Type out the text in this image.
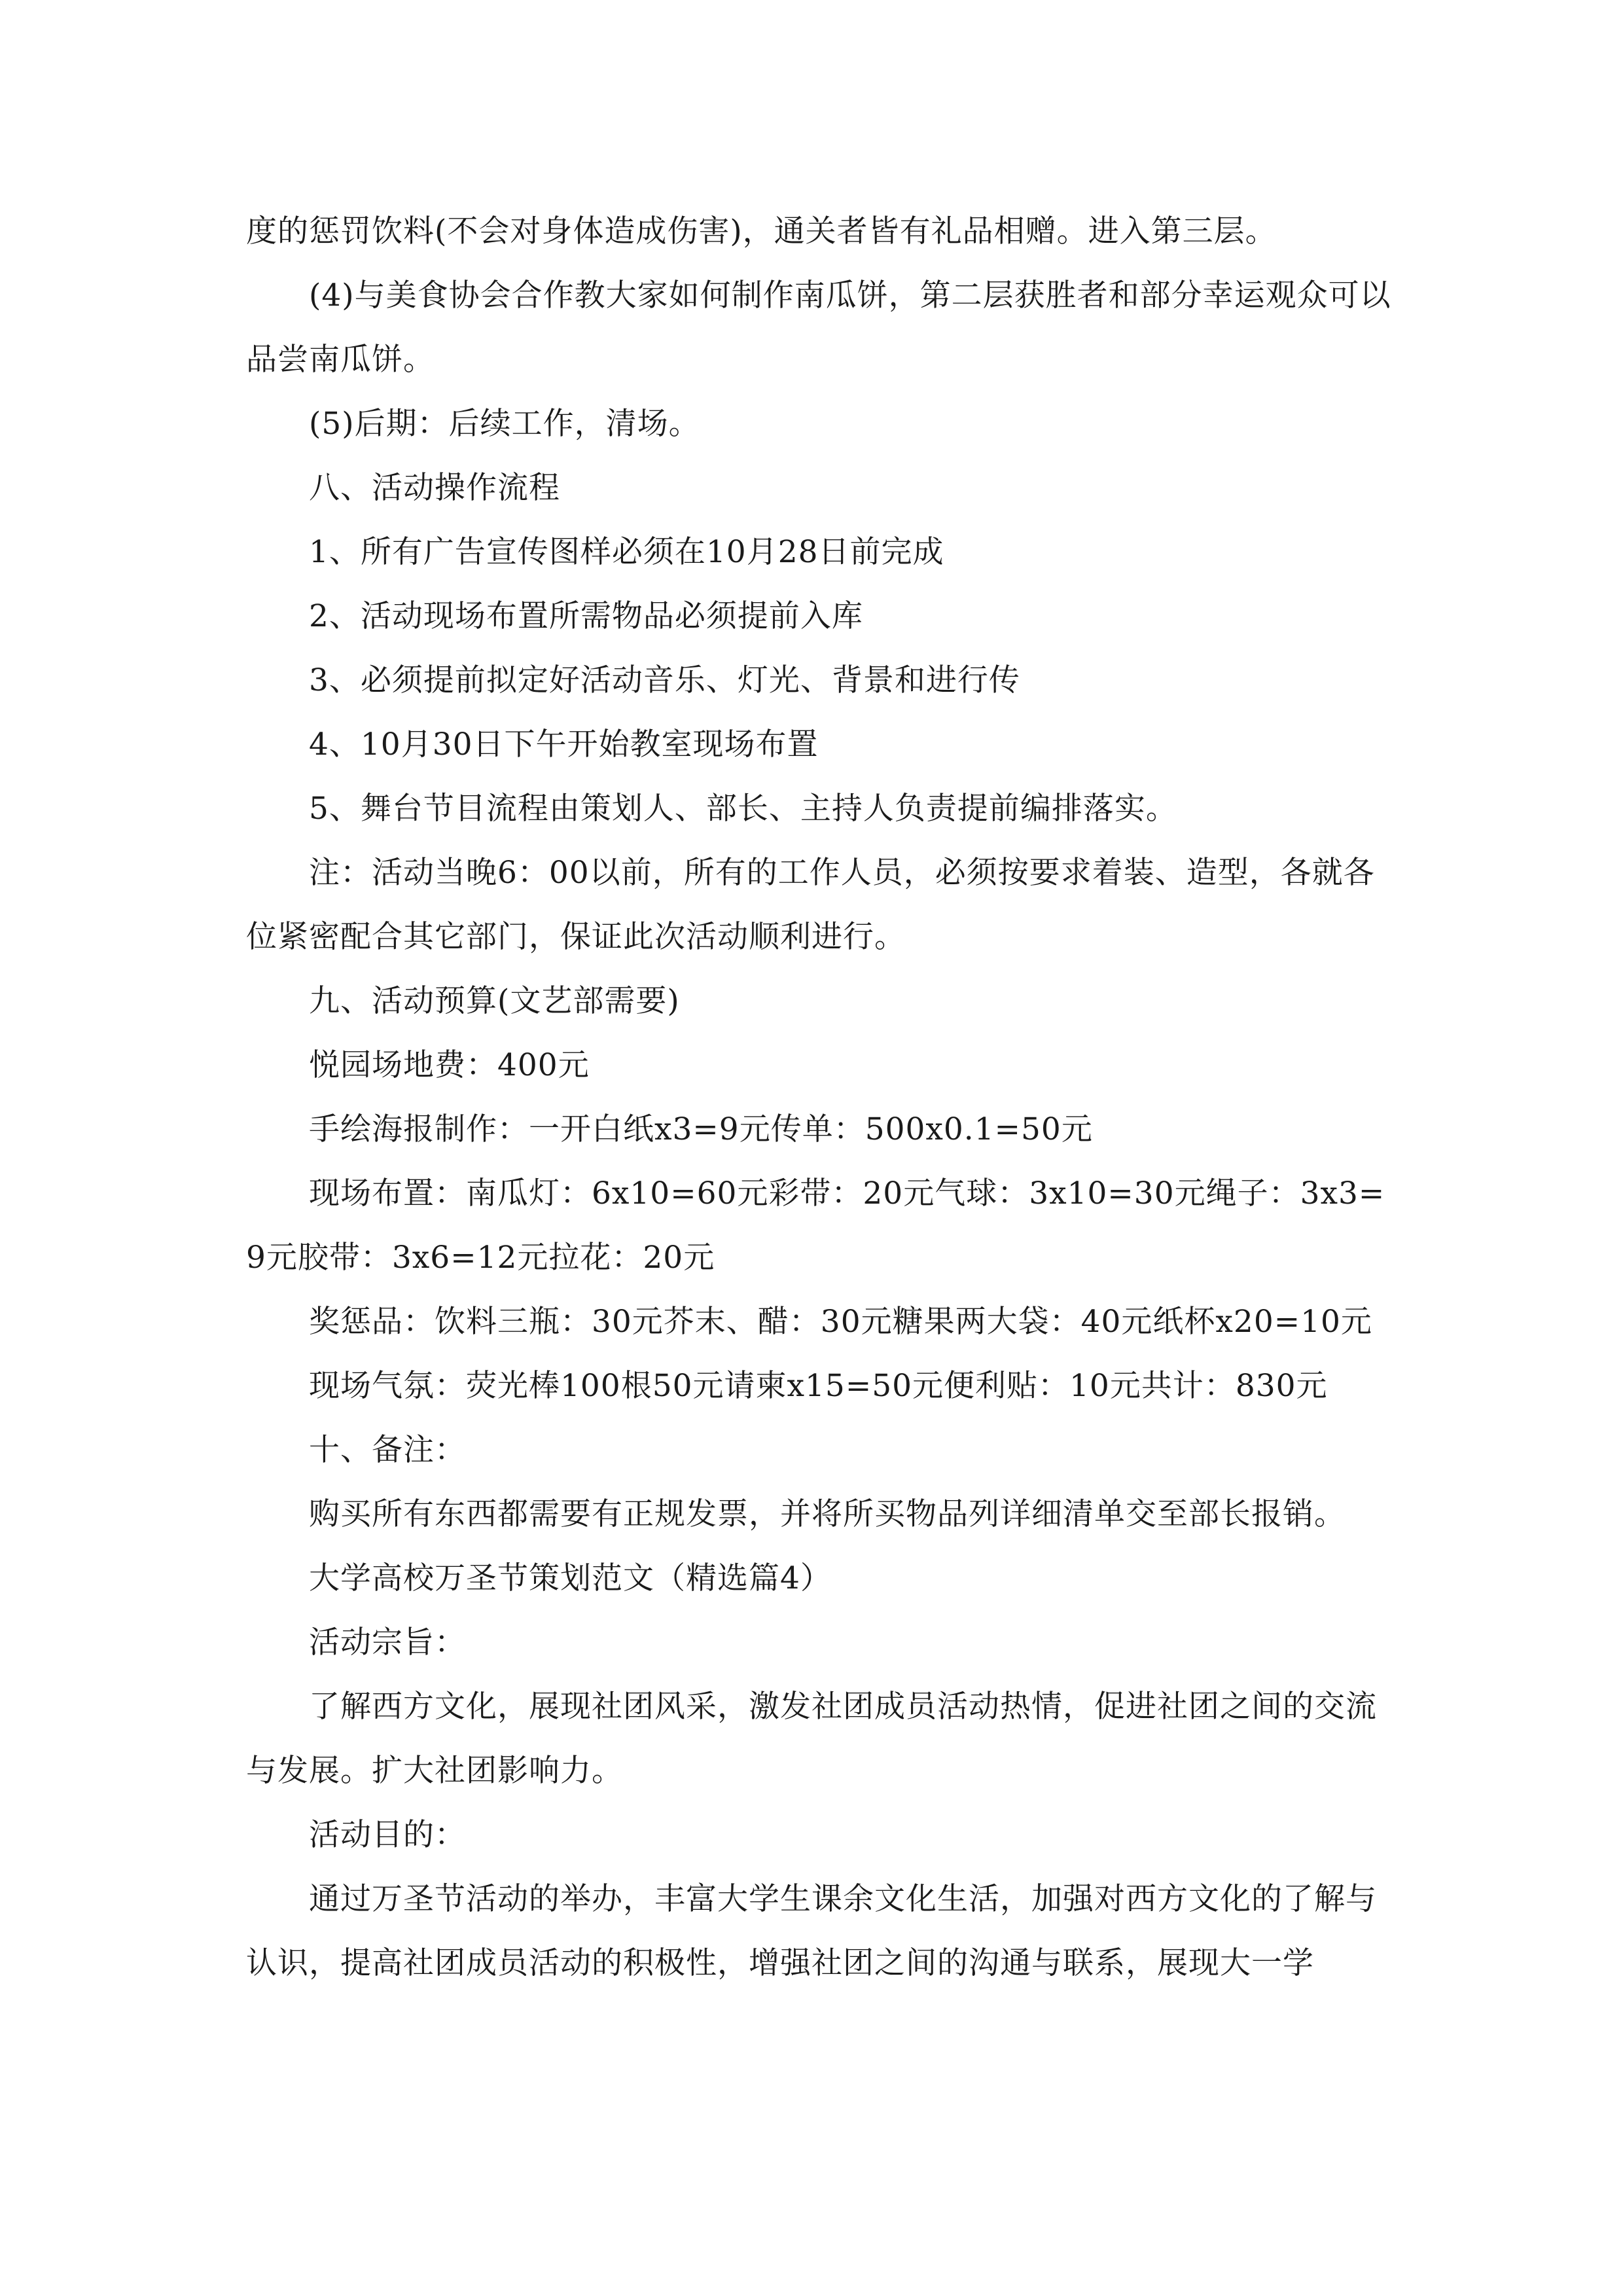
度的惩罚饮料(不会对身体造成伤害)，通关者皆有礼品相赠。进入第三层。

(4)与美食协会合作教大家如何制作南瓜饼，第二层获胜者和部分幸运观众可以品尝南瓜饼。

(5)后期：后续工作，清场。

八、活动操作流程

1、所有广告宣传图样必须在10月28日前完成

2、活动现场布置所需物品必须提前入库

3、必须提前拟定好活动音乐、灯光、背景和进行传

4、10月30日下午开始教室现场布置

5、舞台节目流程由策划人、部长、主持人负责提前编排落实。

注：活动当晚6：00以前，所有的工作人员，必须按要求着装、造型，各就各位紧密配合其它部门，保证此次活动顺利进行。

九、活动预算(文艺部需要)

悦园场地费：400元

手绘海报制作：一开白纸x3=9元传单：500x0.1=50元

现场布置：南瓜灯：6x10=60元彩带：20元气球：3x10=30元绳子：3x3=9元胶带：3x6=12元拉花：20元

奖惩品：饮料三瓶：30元芥末、醋：30元糖果两大袋：40元纸杯x20=10元

现场气氛：荧光棒100根50元请柬x15=50元便利贴：10元共计：830元

十、备注：

购买所有东西都需要有正规发票，并将所买物品列详细清单交至部长报销。

大学高校万圣节策划范文（精选篇4）

活动宗旨：

了解西方文化，展现社团风采，激发社团成员活动热情，促进社团之间的交流与发展。扩大社团影响力。

活动目的：

通过万圣节活动的举办，丰富大学生课余文化生活，加强对西方文化的了解与认识，提高社团成员活动的积极性，增强社团之间的沟通与联系，展现大一学
